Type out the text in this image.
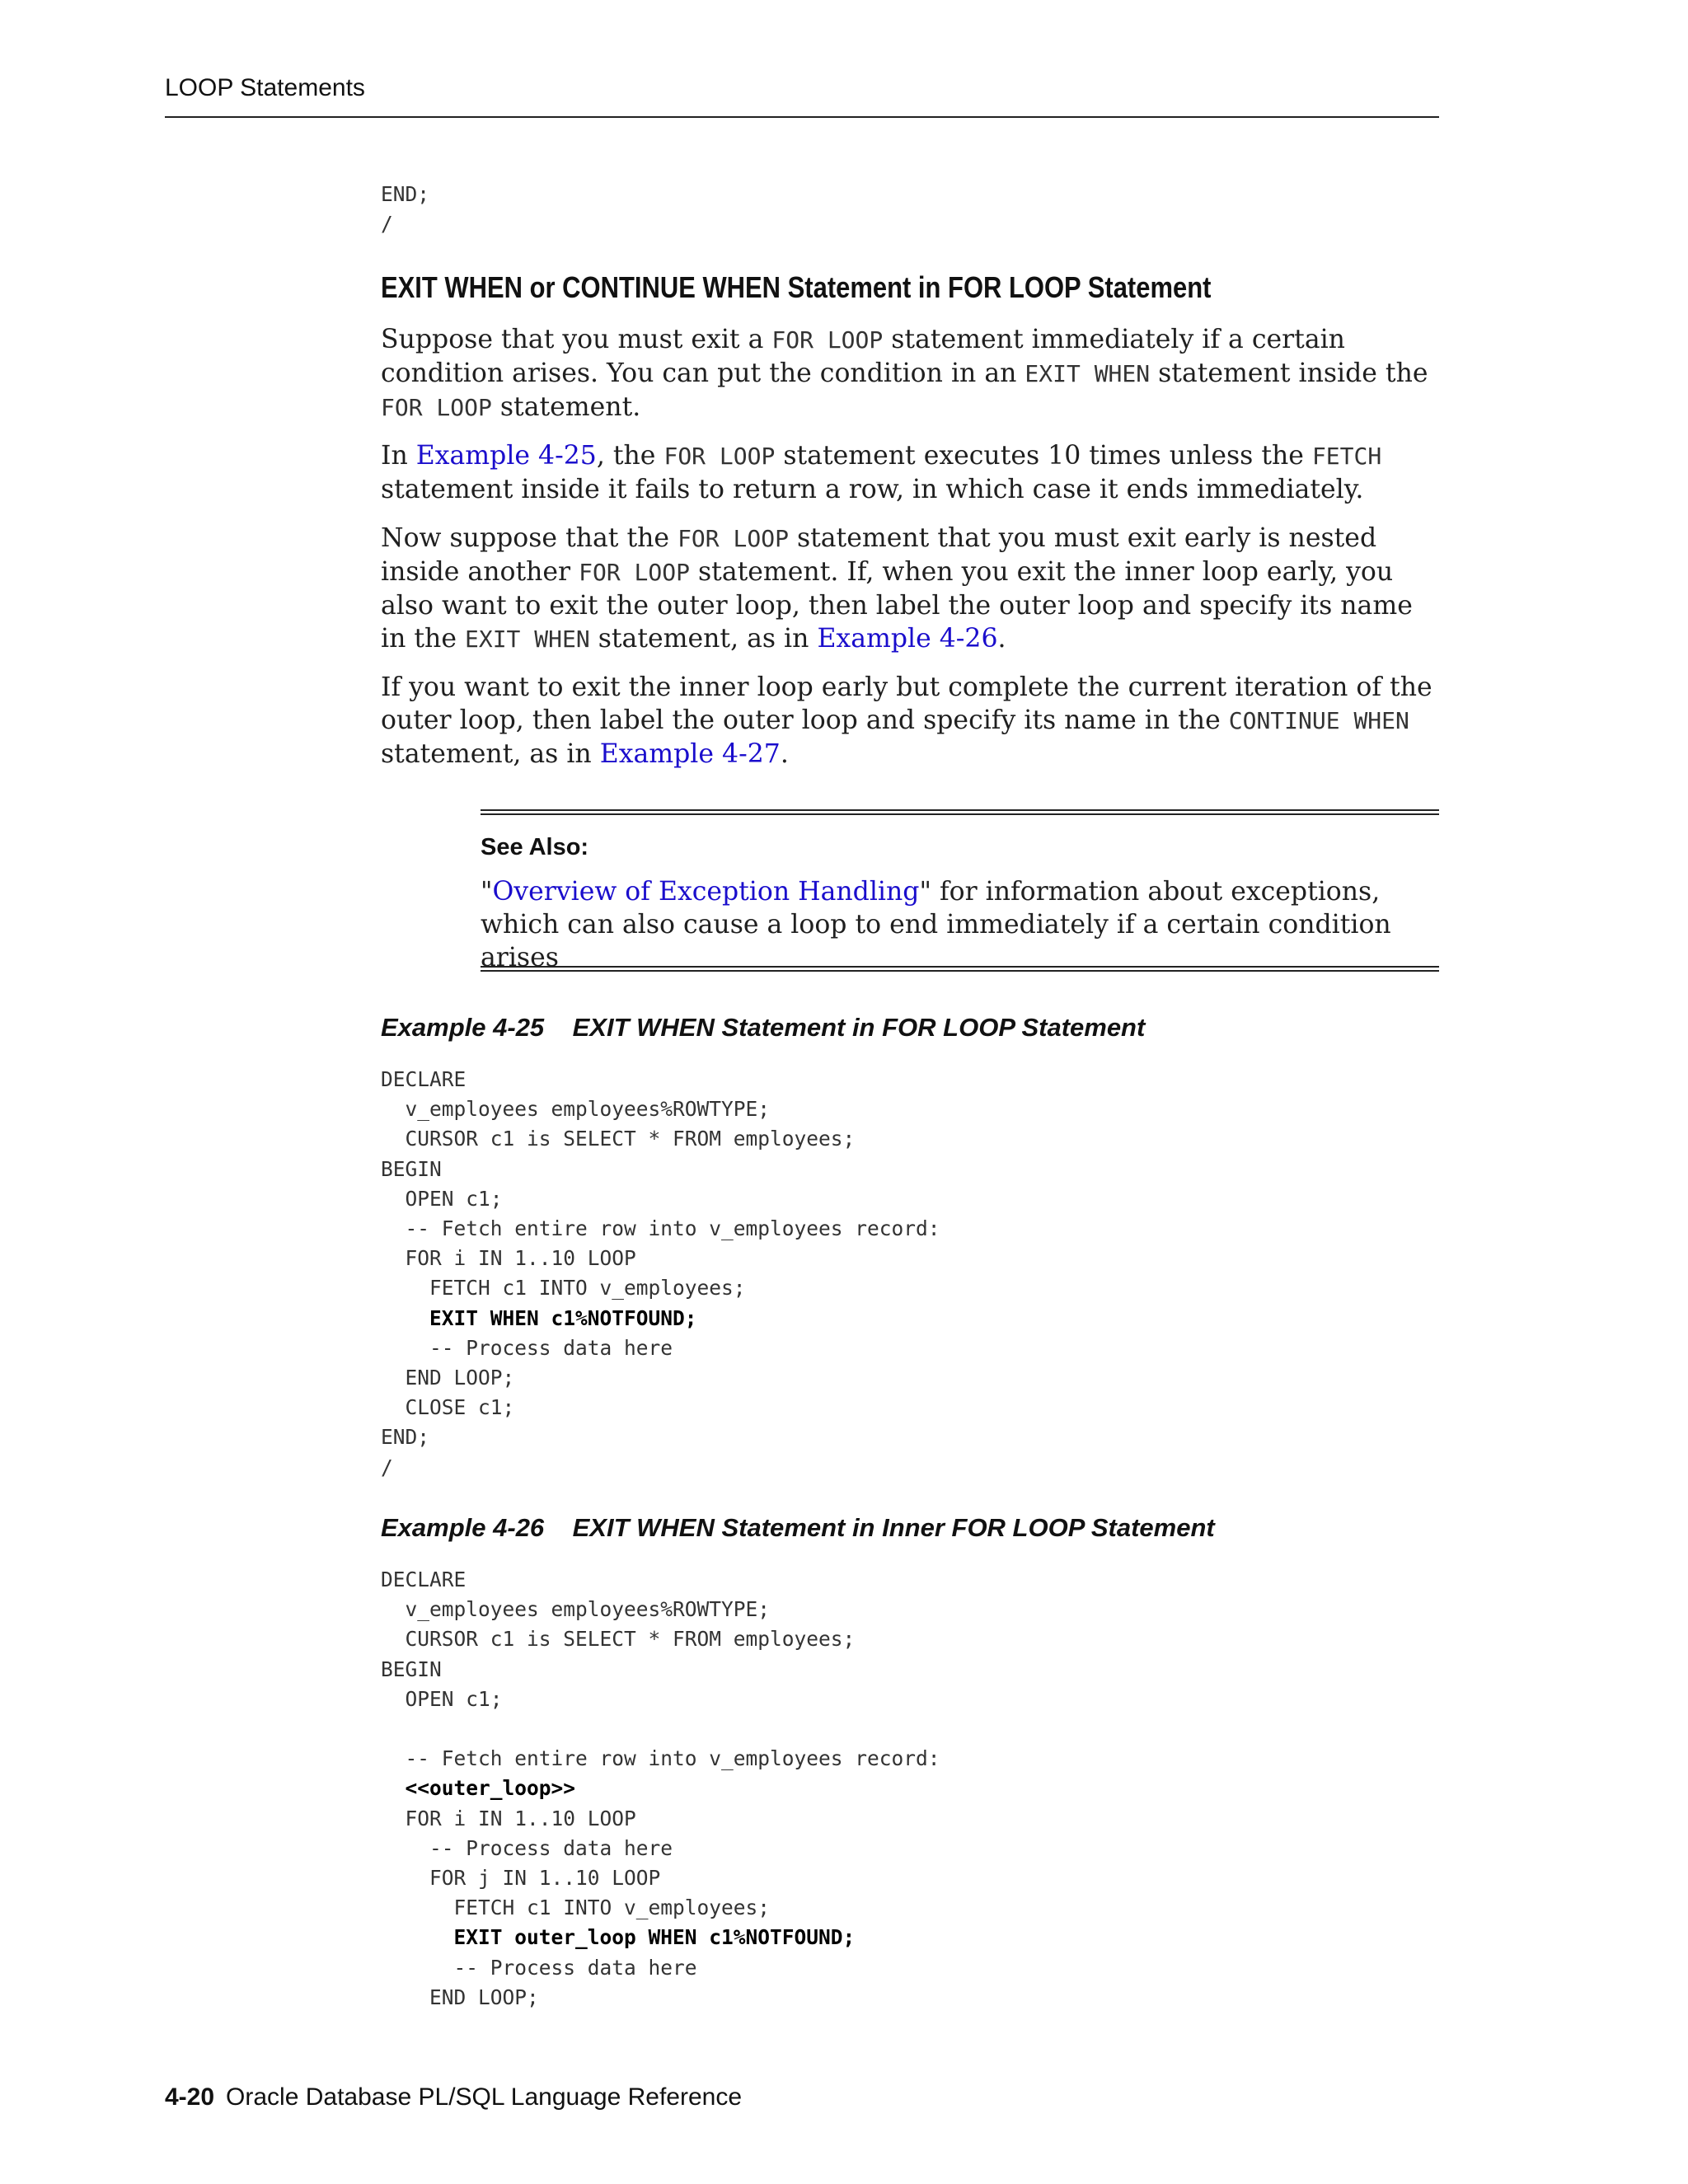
LOOP Statements
END;
/
EXIT WHEN or CONTINUE WHEN Statement in FOR LOOP Statement

Suppose that you must exit a FOR LOOP statement immediately if a certain condition arises. You can put the condition in an EXIT WHEN statement inside the FOR LOOP statement.

In Example 4-25, the FOR LOOP statement executes 10 times unless the FETCH statement inside it fails to return a row, in which case it ends immediately.

Now suppose that the FOR LOOP statement that you must exit early is nested inside another FOR LOOP statement. If, when you exit the inner loop early, you also want to exit the outer loop, then label the outer loop and specify its name in the EXIT WHEN statement, as in Example 4-26.

If you want to exit the inner loop early but complete the current iteration of the outer loop, then label the outer loop and specify its name in the CONTINUE WHEN statement, as in Example 4-27.

See Also:
"Overview of Exception Handling" for information about exceptions, which can also cause a loop to end immediately if a certain condition arises
Example 4-25    EXIT WHEN Statement in FOR LOOP Statement
DECLARE
v_employees employees%ROWTYPE;
CURSOR c1 is SELECT * FROM employees;
BEGIN
OPEN c1;
-- Fetch entire row into v_employees record:
FOR i IN 1..10 LOOP
FETCH c1 INTO v_employees;
EXIT WHEN c1%NOTFOUND;
-- Process data here
END LOOP;
CLOSE c1;
END;
/
Example 4-26    EXIT WHEN Statement in Inner FOR LOOP Statement
DECLARE
v_employees employees%ROWTYPE;
CURSOR c1 is SELECT * FROM employees;
BEGIN
OPEN c1;

-- Fetch entire row into v_employees record:
<<outer_loop>>
FOR i IN 1..10 LOOP
-- Process data here
FOR j IN 1..10 LOOP
FETCH c1 INTO v_employees;
EXIT outer_loop WHEN c1%NOTFOUND;
-- Process data here
END LOOP;
4-20 Oracle Database PL/SQL Language Reference
